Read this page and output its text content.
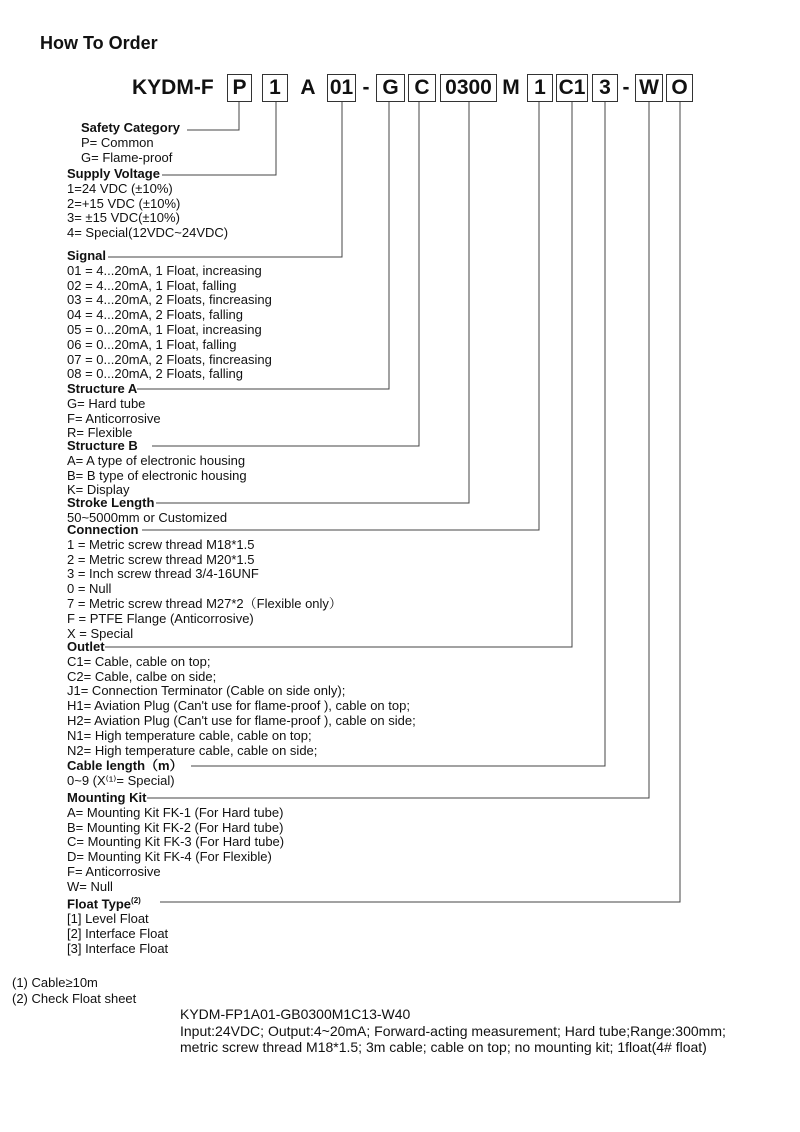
How To Order
KYDM-F P	1 A 01 - G C 0300 M 1 C1 3 - W O
Safety Category
P= Common
G= Flame-proof
Supply Voltage
1=24 VDC (±10%)
2=+15 VDC (±10%)
3= ±15 VDC(±10%)
4= Special(12VDC~24VDC)
Signal
01 = 4...20mA, 1 Float, increasing
02 = 4...20mA, 1 Float, falling
03 = 4...20mA, 2 Floats, fincreasing
04 = 4...20mA, 2 Floats, falling
05 = 0...20mA, 1 Float, increasing
06 = 0...20mA, 1 Float, falling
07 = 0...20mA, 2 Floats, fincreasing
08 = 0...20mA, 2 Floats, falling
Structure A
G= Hard tube
F= Anticorrosive
R= Flexible
Structure B
A= A type of electronic housing
B= B type of electronic housing
K= Display
Stroke Length
50~5000mm or Customized
Connection
1 = Metric screw thread M18*1.5
2 = Metric screw thread M20*1.5
3 = Inch screw thread 3/4-16UNF
0 = Null
7 = Metric screw thread M27*2（Flexible only）
F = PTFE Flange (Anticorrosive)
X = Special
Outlet
C1= Cable, cable on top;
C2= Cable, calbe on side;
J1= Connection Terminator (Cable on side only);
H1= Aviation Plug (Can't use for flame-proof ), cable on top;
H2= Aviation Plug (Can't use for flame-proof ), cable on side;
N1= High temperature cable, cable on top;
N2= High temperature cable, cable on side;
Cable length（m）
0~9 (X⁽¹⁾= Special)
Mounting Kit
A= Mounting Kit FK-1 (For Hard tube)
B= Mounting Kit FK-2 (For Hard tube)
C= Mounting Kit FK-3 (For Hard tube)
D= Mounting Kit FK-4 (For Flexible)
F= Anticorrosive
W= Null
Float Type$^{(2)}$
[1] Level Float
[2] Interface Float
[3] Interface Float
(1) Cable≥10m
(2) Check Float sheet
KYDM-FP1A01-GB0300M1C13-W40
Input:24VDC; Output:4~20mA; Forward-acting measurement; Hard tube;Range:300mm;
metric screw thread M18*1.5; 3m cable; cable on top; no mounting kit; 1float(4# float)
